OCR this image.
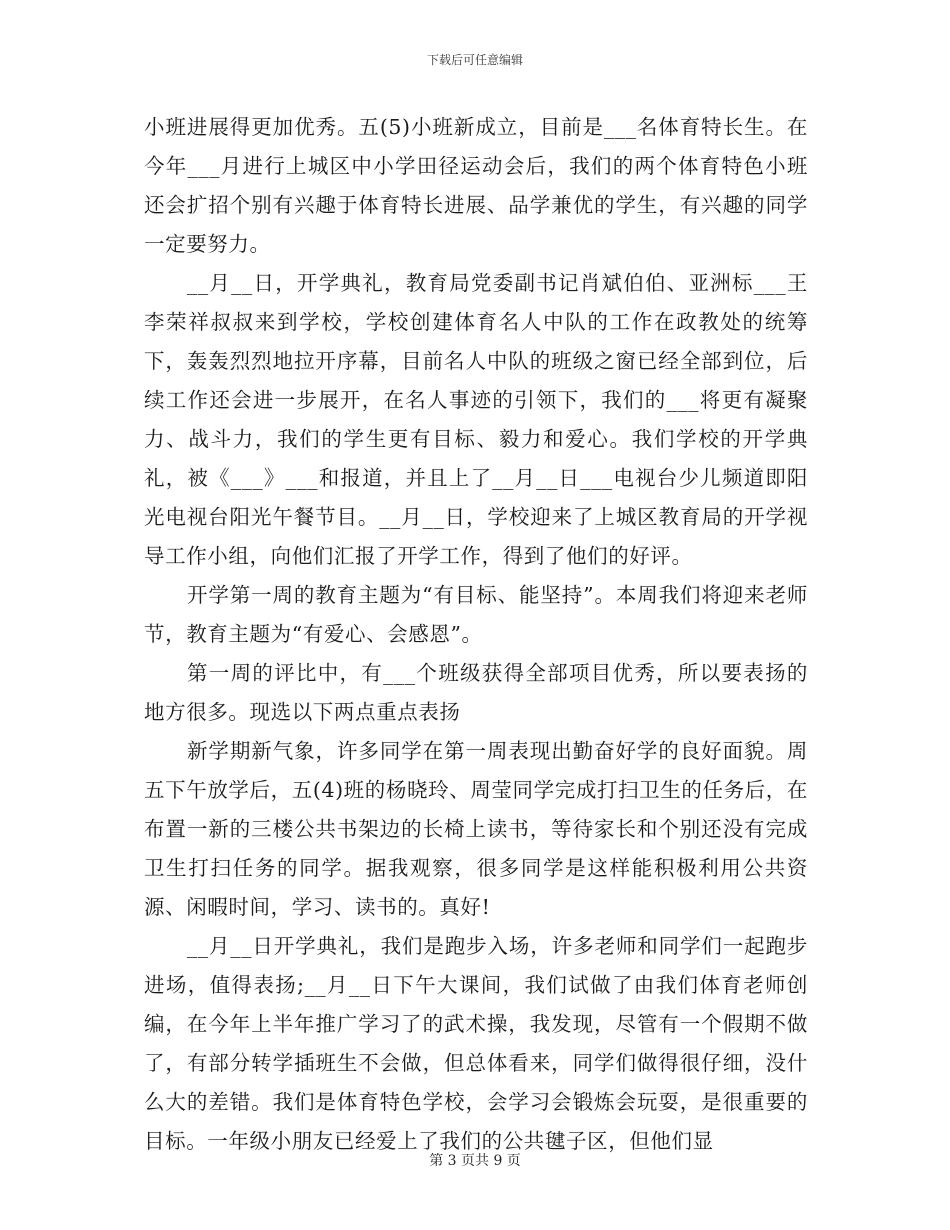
下载后可任意编辑

小班进展得更加优秀。五(5)小班新成立，目前是___名体育特长生。在今年___月进行上城区中小学田径运动会后，我们的两个体育特色小班还会扩招个别有兴趣于体育特长进展、品学兼优的学生，有兴趣的同学一定要努力。

__月__日，开学典礼，教育局党委副书记肖斌伯伯、亚洲标___王李荣祥叔叔来到学校，学校创建体育名人中队的工作在政教处的统筹下，轰轰烈烈地拉开序幕，目前名人中队的班级之窗已经全部到位，后续工作还会进一步展开，在名人事迹的引领下，我们的___将更有凝聚力、战斗力，我们的学生更有目标、毅力和爱心。我们学校的开学典礼，被《___》___和报道，并且上了__月__日___电视台少儿频道即阳光电视台阳光午餐节目。__月__日，学校迎来了上城区教育局的开学视导工作小组，向他们汇报了开学工作，得到了他们的好评。

开学第一周的教育主题为“有目标、能坚持”。本周我们将迎来老师节，教育主题为“有爱心、会感恩”。

第一周的评比中，有___个班级获得全部项目优秀，所以要表扬的地方很多。现选以下两点重点表扬

新学期新气象，许多同学在第一周表现出勤奋好学的良好面貌。周五下午放学后，五(4)班的杨晓玲、周莹同学完成打扫卫生的任务后，在布置一新的三楼公共书架边的长椅上读书，等待家长和个别还没有完成卫生打扫任务的同学。据我观察，很多同学是这样能积极利用公共资源、闲暇时间，学习、读书的。真好!

__月__日开学典礼，我们是跑步入场，许多老师和同学们一起跑步进场，值得表扬;__月__日下午大课间，我们试做了由我们体育老师创编，在今年上半年推广学习了的武术操，我发现，尽管有一个假期不做了，有部分转学插班生不会做，但总体看来，同学们做得很仔细，没什么大的差错。我们是体育特色学校，会学习会锻炼会玩耍，是很重要的目标。一年级小朋友已经爱上了我们的公共毽子区，但他们显

第 3 页共 9 页
